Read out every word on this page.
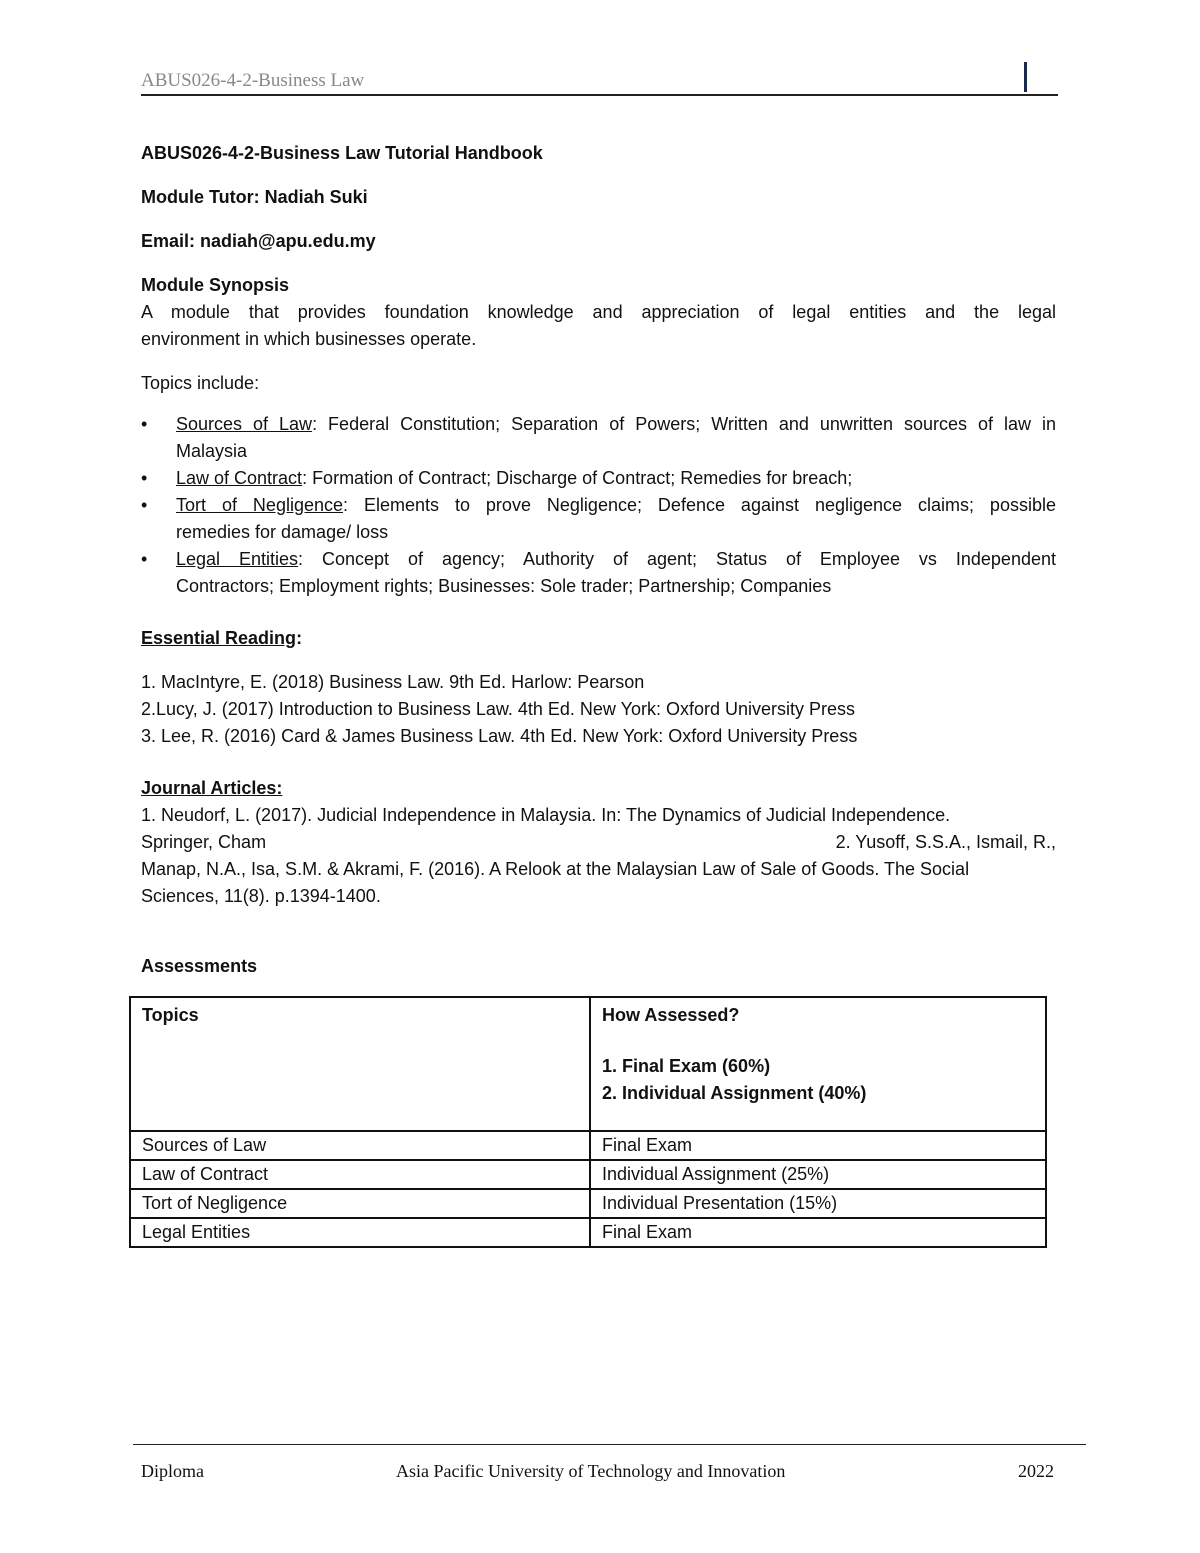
ABUS026-4-2-Business Law

ABUS026-4-2-Business Law Tutorial Handbook

Module Tutor: Nadiah Suki

Email: nadiah@apu.edu.my

Module Synopsis

A module that provides foundation knowledge and appreciation of legal entities and the legal

environment in which businesses operate.

Topics include:

• Sources of Law: Federal Constitution; Separation of Powers; Written and unwritten sources of law in
Malaysia
• Law of Contract: Formation of Contract; Discharge of Contract; Remedies for breach;
• Tort of Negligence: Elements to prove Negligence; Defence against negligence claims; possible
remedies for damage/ loss
• Legal Entities: Concept of agency; Authority of agent; Status of Employee vs Independent
Contractors; Employment rights; Businesses: Sole trader; Partnership; Companies

Essential Reading:

1. MacIntyre, E. (2018) Business Law. 9th Ed. Harlow: Pearson

2.Lucy, J. (2017) Introduction to Business Law. 4th Ed. New York: Oxford University Press

3. Lee, R. (2016) Card & James Business Law. 4th Ed. New York: Oxford University Press

Journal Articles:

1. Neudorf, L. (2017). Judicial Independence in Malaysia. In: The Dynamics of Judicial Independence.

Springer, Cham	2. Yusoff, S.S.A., Ismail, R.,

Manap, N.A., Isa, S.M. & Akrami, F. (2016). A Relook at the Malaysian Law of Sale of Goods. The Social

Sciences, 11(8). p.1394-1400.

Assessments

Topics	How Assessed?
1. Final Exam (60%)
2. Individual Assignment (40%)

Sources of Law	Final Exam
Law of Contract	Individual Assignment (25%)
Tort of Negligence	Individual Presentation (15%)
Legal Entities	Final Exam
Diploma	Asia Pacific University of Technology and Innovation	2022
